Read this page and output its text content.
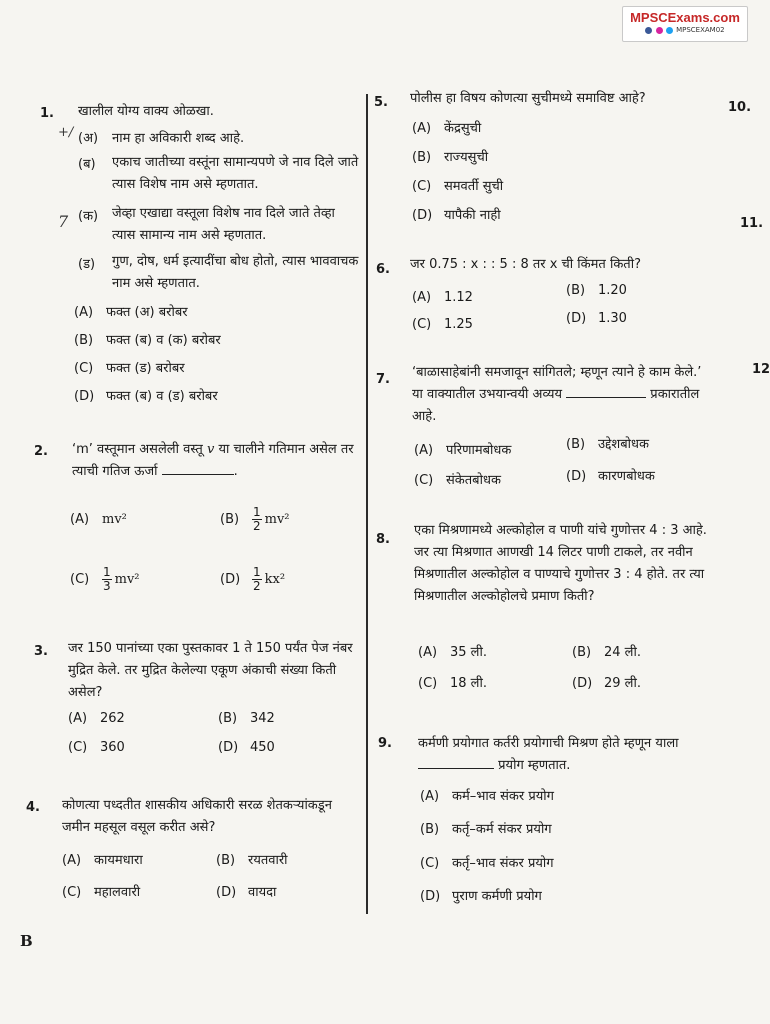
MPSCExams.com
MPSCEXAM02
10.
11.
12
1. खालील योग्य वाक्य ओळखा.
+/ (अ) नाम हा अविकारी शब्द आहे.
(ब) एकाच जातीच्या वस्तूंना सामान्यपणे जे नाव दिले जाते त्यास विशेष नाम असे म्हणतात.
7 (क) जेव्हा एखाद्या वस्तूला विशेष नाव दिले जाते तेव्हा त्यास सामान्य नाम असे म्हणतात.
(ड) गुण, दोष, धर्म इत्यादींचा बोध होतो, त्यास भाववाचक नाम असे म्हणतात.
(A) फक्त (अ) बरोबर
(B) फक्त (ब) व (क) बरोबर
(C) फक्त (ड) बरोबर
(D) फक्त (ब) व (ड) बरोबर
2. ‘m’ वस्तूमान असलेली वस्तू v या चालीने गतिमान असेल तर त्याची गतिज ऊर्जा	.
(A) mv²	$(B) \frac{1}{2} mv^2$
$(C) \frac{1}{3} mv^2$	$(D) \frac{1}{2} kx^2$
3. जर 150 पानांच्या एका पुस्तकावर 1 ते 150 पर्यंत पेज नंबर मुद्रित केले. तर मुद्रित केलेल्या एकूण अंकाची संख्या किती असेल?
(A) 262	(B) 342
(C) 360	(D) 450
4. कोणत्या पध्दतीत शासकीय अधिकारी सरळ शेतकऱ्यांकडून जमीन महसूल वसूल करीत असे?
(A) कायमधारा	(B) रयतवारी
(C) महालवारी	(D) वायदा
5. पोलीस हा विषय कोणत्या सुचीमध्ये समाविष्ट आहे?
(A) केंद्रसुची
(B) राज्यसुची
(C) समवर्ती सुची
(D) यापैकी नाही
6. जर 0.75 : x : : 5 : 8 तर x ची किंमत किती?
(A) 1.12	(B) 1.20
(C) 1.25	(D) 1.30
7. ‘बाळासाहेबांनी समजावून सांगितले; म्हणून त्याने हे काम केले.’ या वाक्यातील उभयान्वयी अव्यय	प्रकारातील आहे.
(A) परिणामबोधक	(B) उद्देशबोधक
(C) संकेतबोधक	(D) कारणबोधक
8.
एका मिश्रणामध्ये अल्कोहोल व पाणी यांचे गुणोत्तर 4 : 3 आहे. जर त्या मिश्रणात आणखी 14 लिटर पाणी टाकले, तर नवीन मिश्रणातील अल्कोहोल व पाण्याचे गुणोत्तर 3 : 4 होते. तर त्या मिश्रणातील अल्कोहोलचे प्रमाण किती?
(A) 35 ली.	(B) 24 ली.
(C) 18 ली.	(D) 29 ली.
9. कर्मणी प्रयोगात कर्तरी प्रयोगाची मिश्रण होते म्हणून याला  प्रयोग म्हणतात.
(A) कर्म–भाव संकर प्रयोग
(B) कर्तृ–कर्म संकर प्रयोग
(C) कर्तृ–भाव संकर प्रयोग
(D) पुराण कर्मणी प्रयोग
B
